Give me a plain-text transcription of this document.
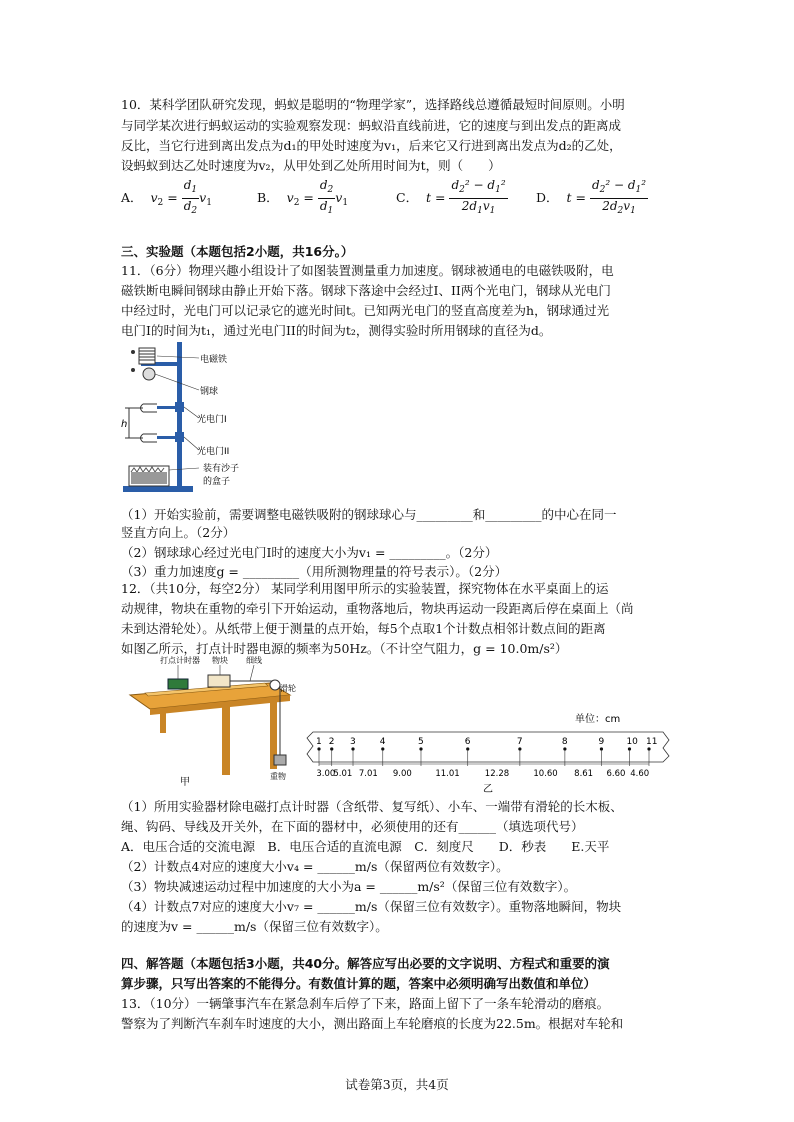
10．某科学团队研究发现，蚂蚁是聪明的“物理学家”，选择路线总遵循最短时间原则。小明
与同学某次进行蚂蚁运动的实验观察发现：蚂蚁沿直线前进，它的速度与到出发点的距离成
反比，当它行进到离出发点为d₁的甲处时速度为v₁，后来它又行进到离出发点为d₂的乙处，
设蚂蚁到达乙处时速度为v₂，从甲处到乙处所用时间为t，则（　　）
A．  $v_2 = \frac{d_1}{d_2} v_1$	B．  $v_2 = \frac{d_2}{d_1} v_1$	C．  $t = \frac{d_2^2 - d_1^2}{2d_1v_1}$ D．  $t = \frac{d_2^2 - d_1^2}{2d_2v_1}$
三、实验题（本题包括2小题，共16分。）
11．（6分）物理兴趣小组设计了如图装置测量重力加速度。钢球被通电的电磁铁吸附，电
磁铁断电瞬间钢球由静止开始下落。钢球下落途中会经过I、II两个光电门，钢球从光电门
中经过时，光电门可以记录它的遮光时间t。已知两光电门的竖直高度差为h，钢球通过光
电门I的时间为t₁，通过光电门II的时间为t₂，测得实验时所用钢球的直径为d。
h
电磁铁
钢球
光电门I
光电门II
装有沙子
的盒子
（1）开始实验前，需要调整电磁铁吸附的钢球球心与_________和_________的中心在同一
竖直方向上。（2分）
（2）钢球球心经过光电门I时的速度大小为v₁ = _________。（2分）
（3）重力加速度g = _________（用所测物理量的符号表示）。（2分）
12．（共10分，每空2分） 某同学利用图甲所示的实验装置，探究物体在水平桌面上的运
动规律，物块在重物的牵引下开始运动，重物落地后，物块再运动一段距离后停在桌面上（尚
未到达滑轮处）。从纸带上便于测量的点开始，每5个点取1个计数点相邻计数点间的距离
如图乙所示，打点计时器电源的频率为50Hz。（不计空气阻力，g = 10.0m/s²）
打点计时器 物块 细线
滑轮
重物
甲
单位：cm
1 2 3	4	5	6	7	8	9 10 11
3.00
5.01 7.01 9.00	11.01	12.28	10.60 8.61 6.60 4.60
乙
（1）所用实验器材除电磁打点计时器（含纸带、复写纸）、小车、一端带有滑轮的长木板、
绳、钩码、导线及开关外，在下面的器材中，必须使用的还有______（填选项代号）
A．电压合适的交流电源　B．电压合适的直流电源　C．刻度尺　　D．秒表　　E.天平
（2）计数点4对应的速度大小v₄ = ______m/s（保留两位有效数字）。
（3）物块减速运动过程中加速度的大小为a = ______m/s²（保留三位有效数字）。
（4）计数点7对应的速度大小v₇ = ______m/s（保留三位有效数字）。重物落地瞬间，物块
的速度为v = ______m/s（保留三位有效数字）。
四、解答题（本题包括3小题，共40分。解答应写出必要的文字说明、方程式和重要的演
算步骤，只写出答案的不能得分。有数值计算的题，答案中必须明确写出数值和单位）
13．（10分）一辆肇事汽车在紧急刹车后停了下来，路面上留下了一条车轮滑动的磨痕。
警察为了判断汽车刹车时速度的大小，测出路面上车轮磨痕的长度为22.5m。根据对车轮和
试卷第3页，共4页
